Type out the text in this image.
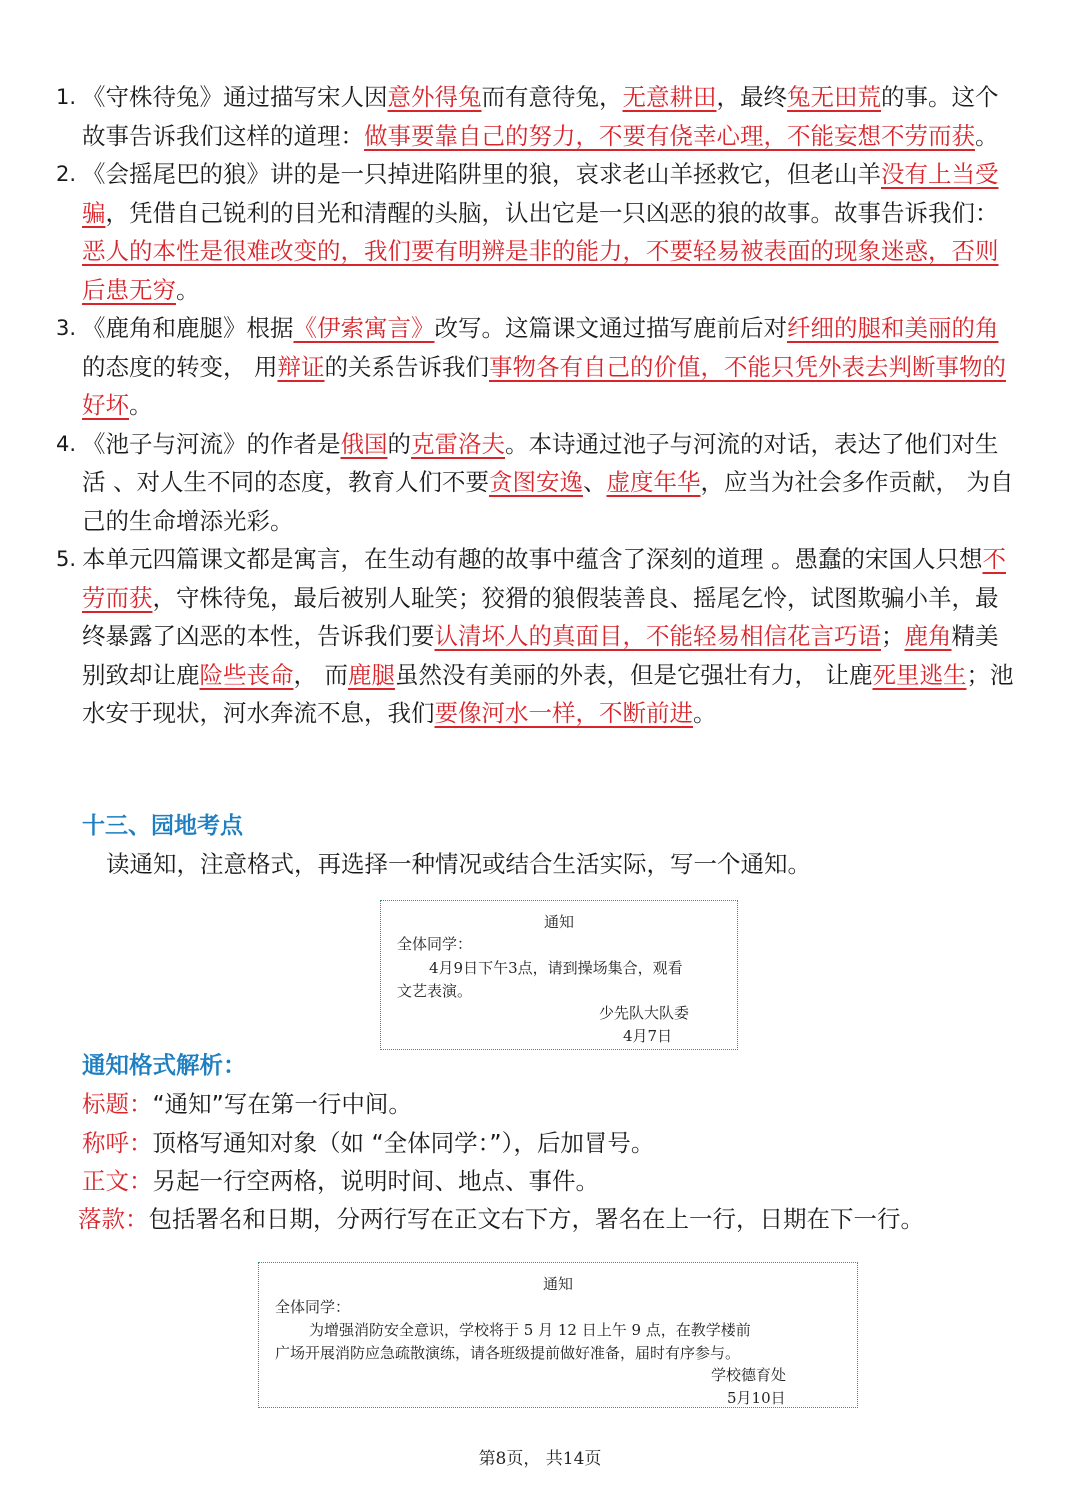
1. 《守株待兔》通过描写宋人因意外得兔而有意待兔，无意耕田，最终兔无田荒的事。这个故事告诉我们这样的道理：做事要靠自己的努力，不要有侥幸心理，不能妄想不劳而获。
2. 《会摇尾巴的狼》讲的是一只掉进陷阱里的狼，哀求老山羊拯救它，但老山羊没有上当受骗，凭借自己锐利的目光和清醒的头脑，认出它是一只凶恶的狼的故事。故事告诉我们：恶人的本性是很难改变的，我们要有明辨是非的能力，不要轻易被表面的现象迷惑，否则后患无穷。
3. 《鹿角和鹿腿》根据《伊索寓言》改写。这篇课文通过描写鹿前后对纤细的腿和美丽的角的态度的转变， 用辩证的关系告诉我们事物各有自己的价值，不能只凭外表去判断事物的好坏。
4. 《池子与河流》的作者是俄国的克雷洛夫。本诗通过池子与河流的对话，表达了他们对生活 、对人生不同的态度，教育人们不要贪图安逸、虚度年华，应当为社会多作贡献， 为自己的生命增添光彩。
5. 本单元四篇课文都是寓言，在生动有趣的故事中蕴含了深刻的道理 。愚蠢的宋国人只想不劳而获，守株待兔，最后被别人耻笑；狡猾的狼假装善良、摇尾乞怜，试图欺骗小羊，最终暴露了凶恶的本性，告诉我们要认清坏人的真面目，不能轻易相信花言巧语；鹿角精美别致却让鹿险些丧命， 而鹿腿虽然没有美丽的外表，但是它强壮有力， 让鹿死里逃生；池水安于现状，河水奔流不息，我们要像河水一样，不断前进。
十三、园地考点
读通知，注意格式，再选择一种情况或结合生活实际，写一个通知。
通知
全体同学：
4月9日下午3点，请到操场集合，观看
文艺表演。
少先队大队委
4月7日
通知格式解析：
标题：“通知”写在第一行中间。
称呼：顶格写通知对象（如 “全体同学：”），后加冒号。
正文：另起一行空两格，说明时间、地点、事件。
落款：包括署名和日期，分两行写在正文右下方，署名在上一行，日期在下一行。
通知
全体同学：
为增强消防安全意识，学校将于 5 月 12 日上午 9 点，在教学楼前
广场开展消防应急疏散演练，请各班级提前做好准备，届时有序参与。
学校德育处
5月10日
第8页， 共14页
